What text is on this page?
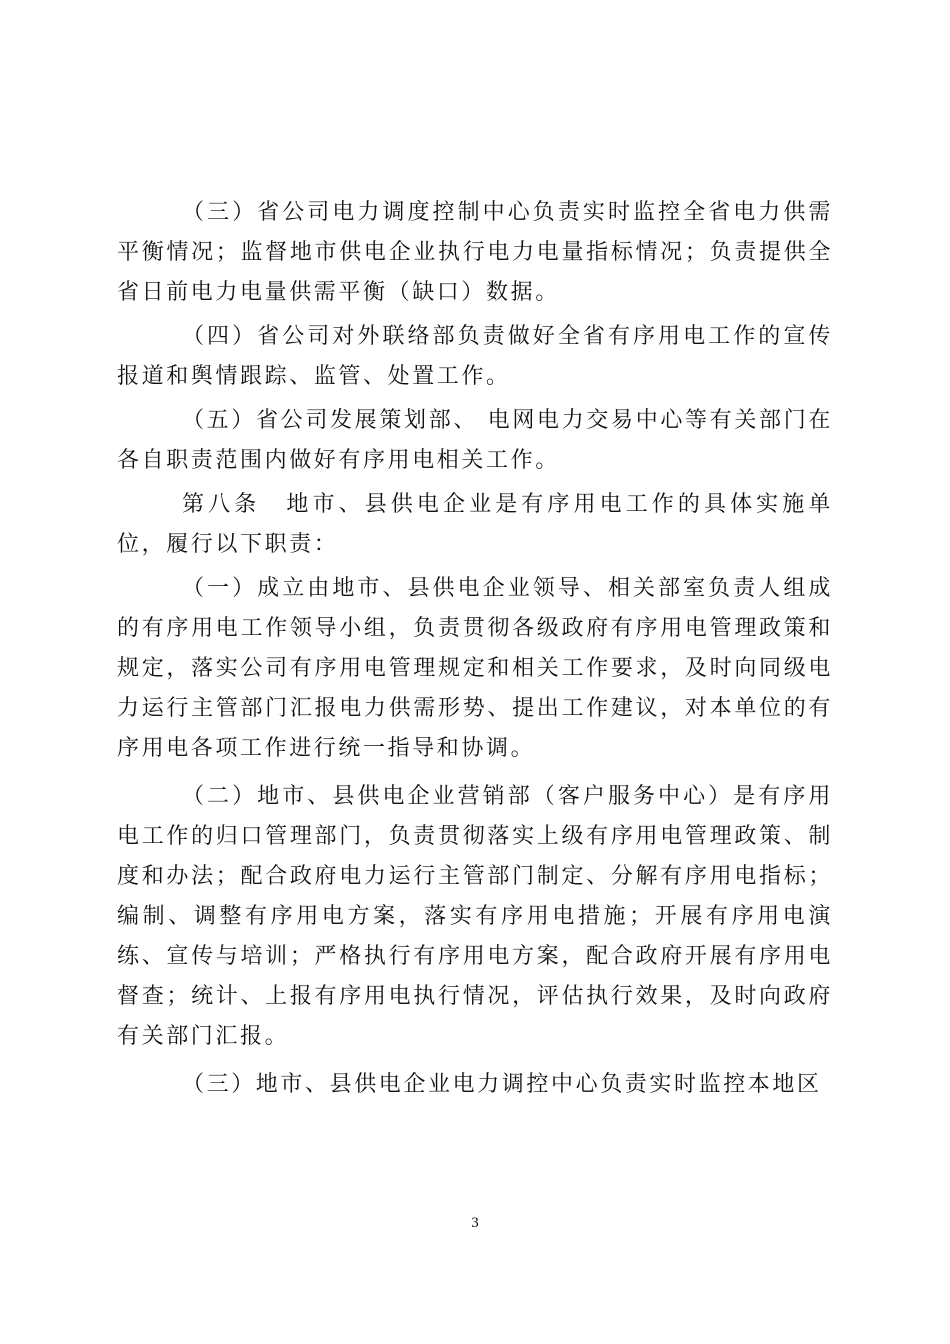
（三）省公司电力调度控制中心负责实时监控全省电力供需平衡情况；监督地市供电企业执行电力电量指标情况；负责提供全省日前电力电量供需平衡（缺口）数据。

（四）省公司对外联络部负责做好全省有序用电工作的宣传报道和舆情跟踪、监管、处置工作。

（五）省公司发展策划部、 电网电力交易中心等有关部门在各自职责范围内做好有序用电相关工作。

第八条　地市、县供电企业是有序用电工作的具体实施单位，履行以下职责：

（一）成立由地市、县供电企业领导、相关部室负责人组成的有序用电工作领导小组，负责贯彻各级政府有序用电管理政策和规定，落实公司有序用电管理规定和相关工作要求，及时向同级电力运行主管部门汇报电力供需形势、提出工作建议，对本单位的有序用电各项工作进行统一指导和协调。

（二）地市、县供电企业营销部（客户服务中心）是有序用电工作的归口管理部门，负责贯彻落实上级有序用电管理政策、制度和办法；配合政府电力运行主管部门制定、分解有序用电指标；编制、调整有序用电方案，落实有序用电措施；开展有序用电演练、宣传与培训；严格执行有序用电方案，配合政府开展有序用电督查；统计、上报有序用电执行情况，评估执行效果，及时向政府有关部门汇报。

（三）地市、县供电企业电力调控中心负责实时监控本地区

3
